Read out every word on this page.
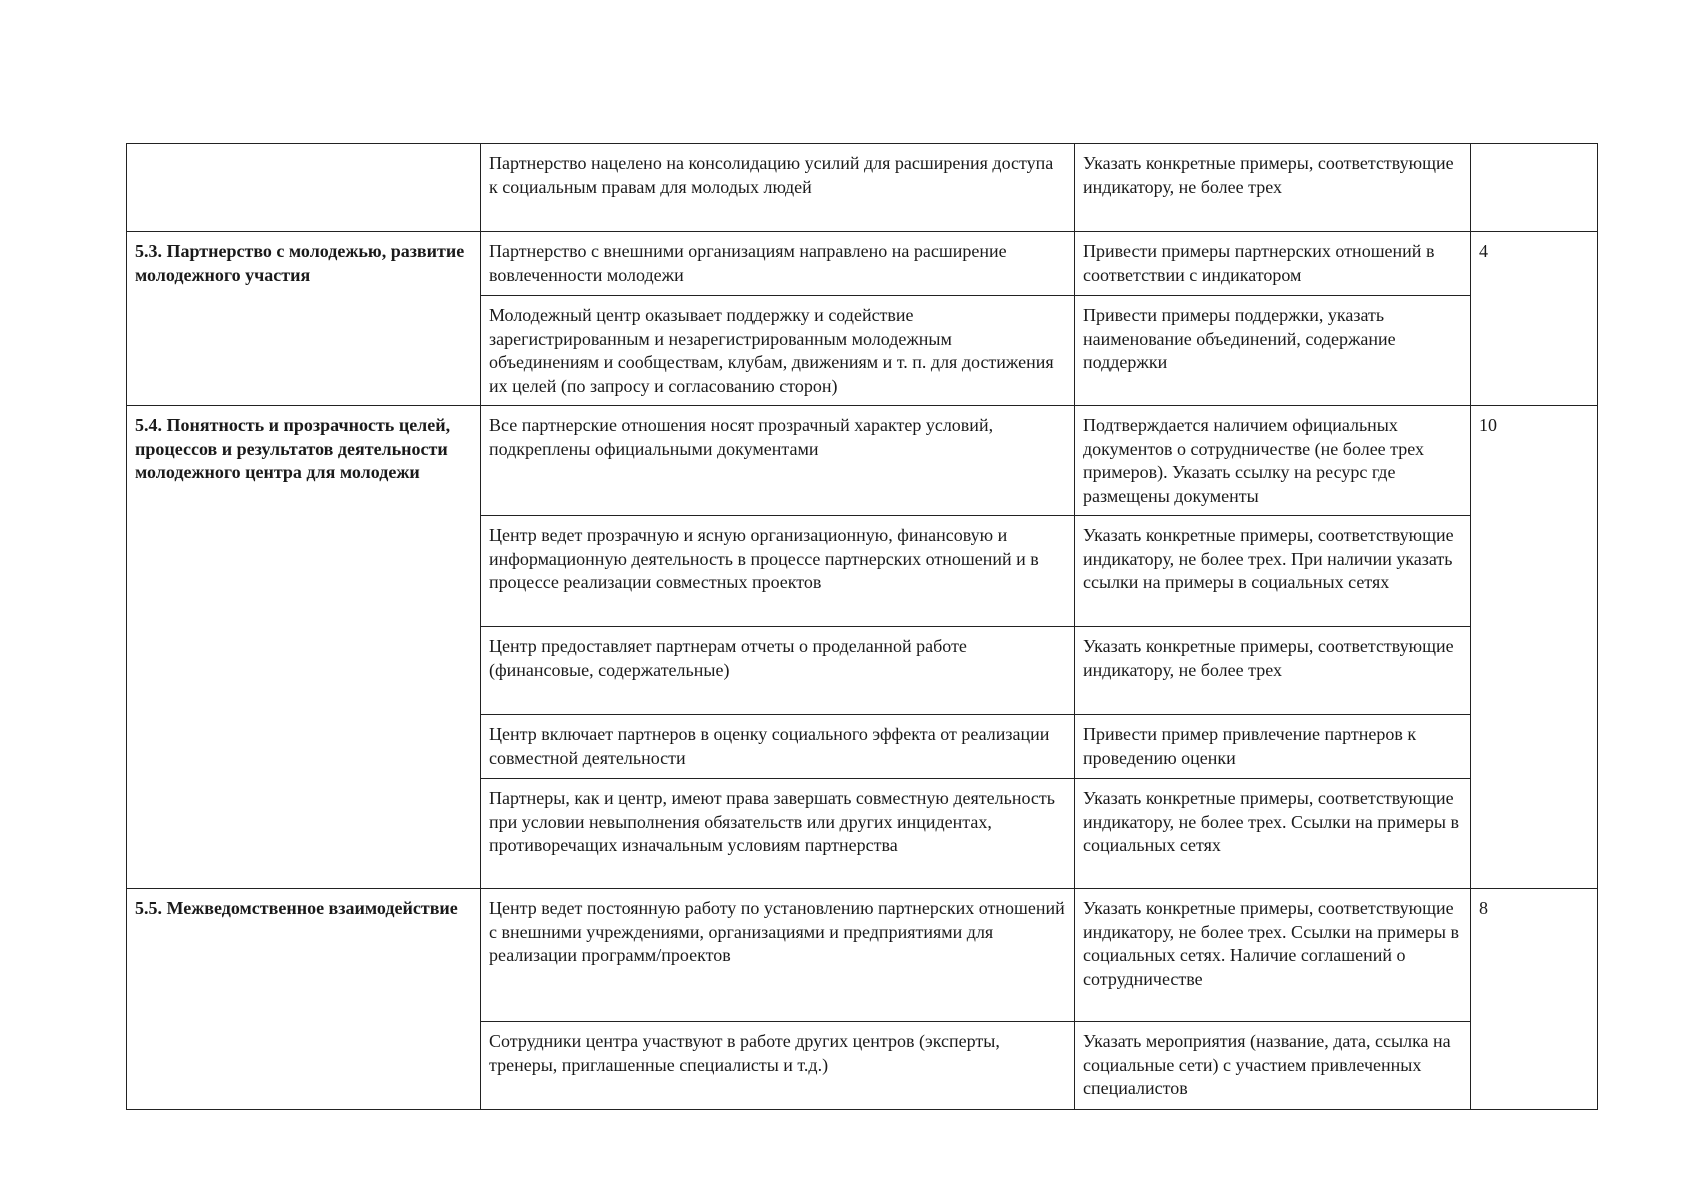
	Партнерство нацелено на консолидацию усилий для расширения доступа к социальным правам для молодых людей	Указать конкретные примеры, соответствующие индикатору, не более трех	
5.3. Партнерство с молодежью, развитие молодежного участия	Партнерство с внешними организациям направлено на расширение вовлеченности молодежи	Привести примеры партнерских отношений в соответствии с индикатором	4
	Молодежный центр оказывает поддержку и содействие зарегистрированным и незарегистрированным молодежным объединениям и сообществам, клубам, движениям и т. п. для достижения их целей (по запросу и согласованию сторон)	Привести примеры поддержки, указать наименование объединений, содержание поддержки	
5.4. Понятность и прозрачность целей, процессов и результатов деятельности молодежного центра для молодежи	Все партнерские отношения носят прозрачный характер условий, подкреплены официальными документами	Подтверждается наличием официальных документов о сотрудничестве (не более трех примеров). Указать ссылку на ресурс где размещены документы	10
	Центр ведет прозрачную и ясную организационную, финансовую и информационную деятельность в процессе партнерских отношений и в процессе реализации совместных проектов	Указать конкретные примеры, соответствующие индикатору, не более трех. При наличии указать ссылки на примеры в социальных сетях	
	Центр предоставляет партнерам отчеты о проделанной работе (финансовые, содержательные)	Указать конкретные примеры, соответствующие индикатору, не более трех	
	Центр включает партнеров в оценку социального эффекта от реализации совместной деятельности	Привести пример привлечение партнеров к проведению оценки	
	Партнеры, как и центр, имеют права завершать совместную деятельность при условии невыполнения обязательств или других инцидентах, противоречащих изначальным условиям партнерства	Указать конкретные примеры, соответствующие индикатору, не более трех. Ссылки на примеры в социальных сетях	
5.5. Межведомственное взаимодействие	Центр ведет постоянную работу по установлению партнерских отношений с внешними учреждениями, организациями и предприятиями для реализации программ/проектов	Указать конкретные примеры, соответствующие индикатору, не более трех. Ссылки на примеры в социальных сетях. Наличие соглашений о сотрудничестве	8
	Сотрудники центра участвуют в работе других центров (эксперты, тренеры, приглашенные специалисты и т.д.)	Указать мероприятия (название, дата, ссылка на социальные сети) с участием привлеченных специалистов	
